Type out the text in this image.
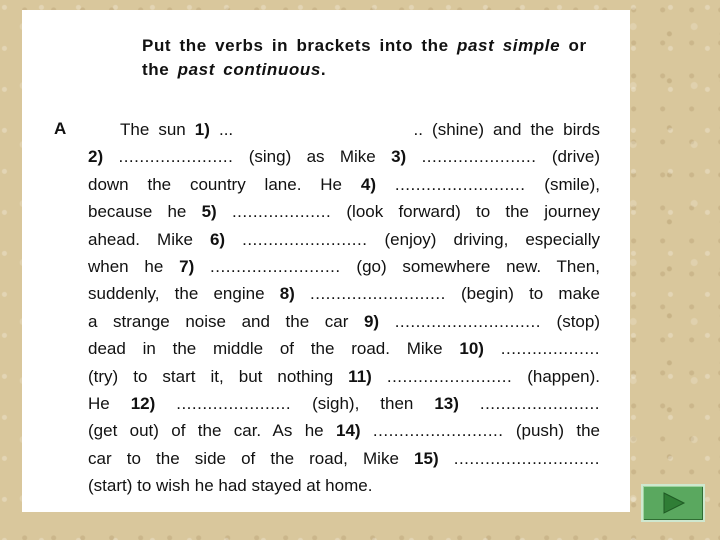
Put the verbs in brackets into the past simple or the past continuous.

A	The sun 1) ...	.. (shine) and the birds
2) ...................... (sing) as Mike 3) ...................... (drive)
down the country lane. He 4) ......................... (smile),
because he 5) ................... (look forward) to the journey
ahead. Mike 6) ........................ (enjoy) driving, especially
when he 7) ......................... (go) somewhere new. Then,
suddenly, the engine 8) .......................... (begin) to make
a strange noise and the car 9) ............................ (stop)
dead in the middle of the road. Mike 10) ...................
(try) to start it, but nothing 11) ........................ (happen).
He 12) ...................... (sigh), then 13) .......................
(get out) of the car. As he 14) ......................... (push) the
car to the side of the road, Mike 15) ............................
(start) to wish he had stayed at home.
